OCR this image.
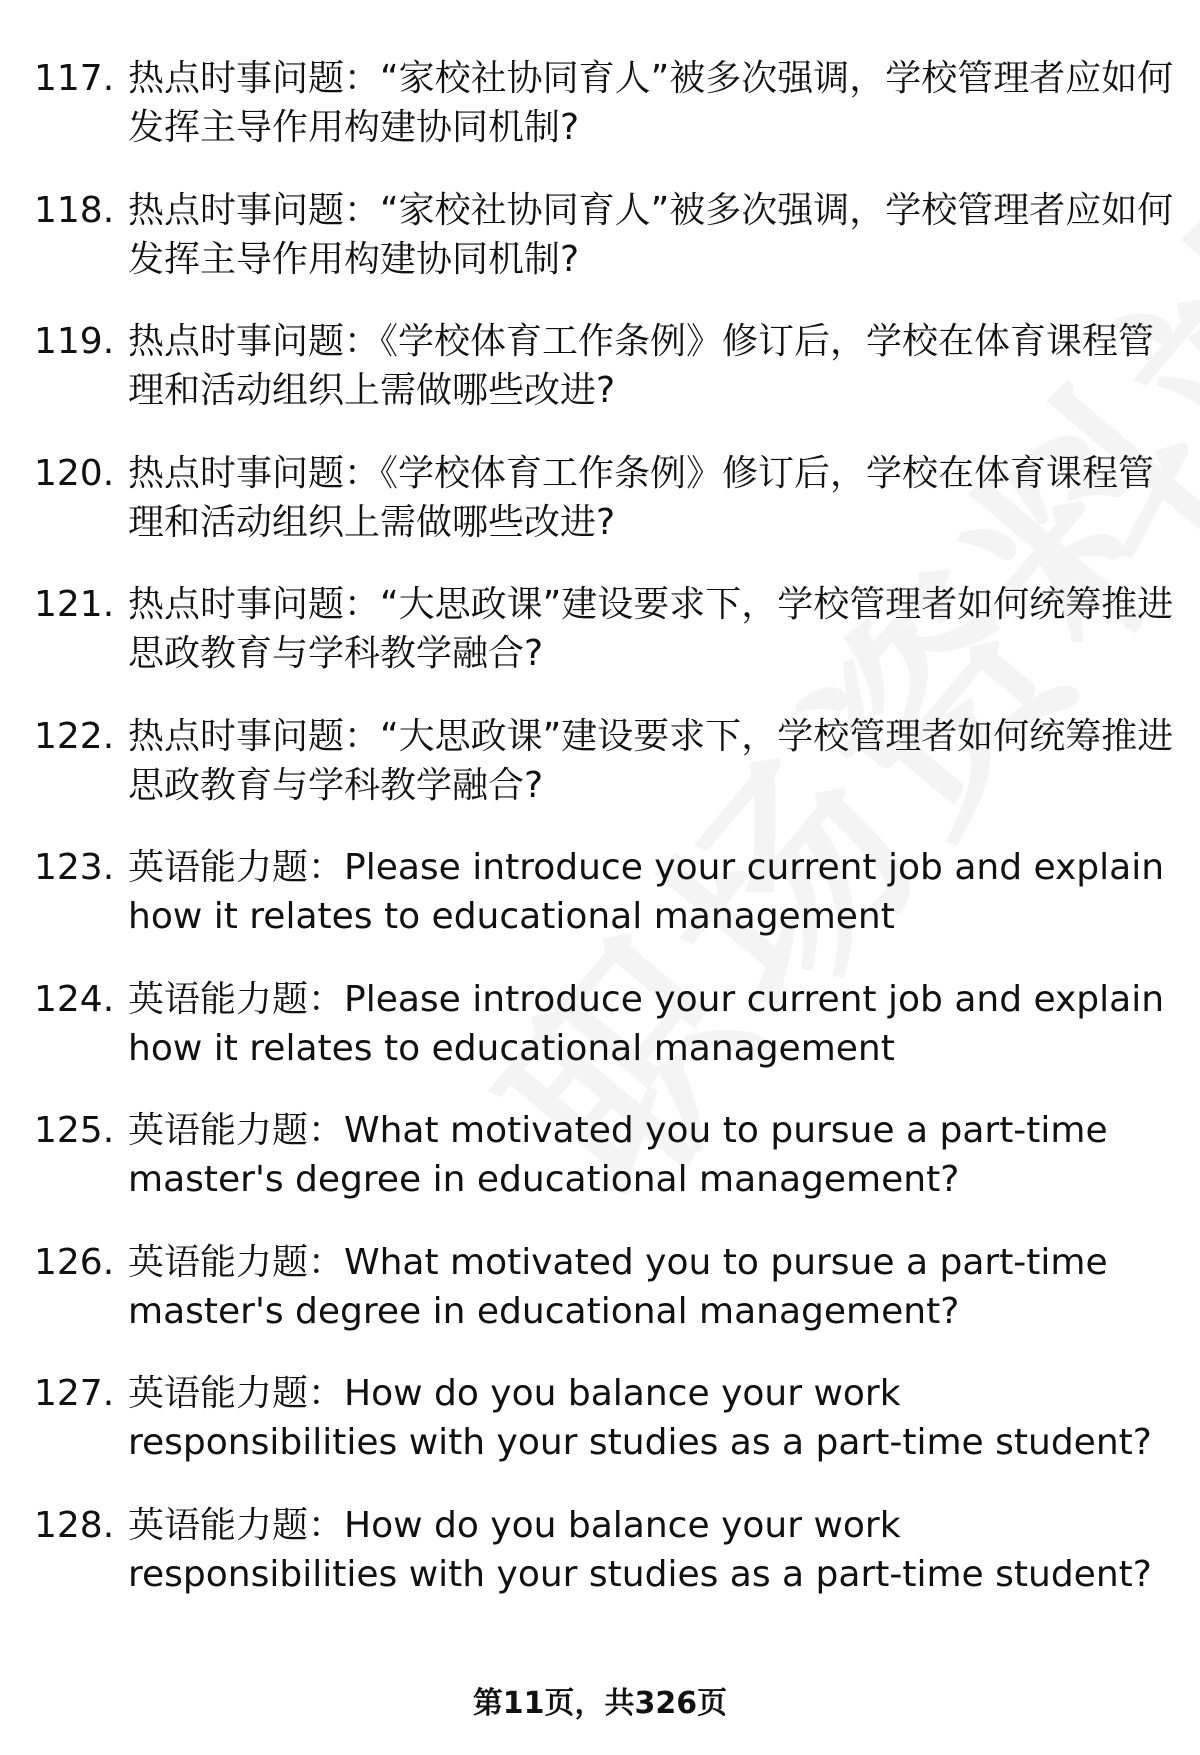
117. 热点时事问题：“家校社协同育人”被多次强调，学校管理者应如何发挥主导作用构建协同机制?
118. 热点时事问题：“家校社协同育人”被多次强调，学校管理者应如何发挥主导作用构建协同机制?
119. 热点时事问题：《学校体育工作条例》修订后，学校在体育课程管理和活动组织上需做哪些改进?
120. 热点时事问题：《学校体育工作条例》修订后，学校在体育课程管理和活动组织上需做哪些改进?
121. 热点时事问题：“大思政课”建设要求下，学校管理者如何统筹推进思政教育与学科教学融合?
122. 热点时事问题：“大思政课”建设要求下，学校管理者如何统筹推进思政教育与学科教学融合?
123. 英语能力题：Please introduce your current job and explain how it relates to educational management
124. 英语能力题：Please introduce your current job and explain how it relates to educational management
125. 英语能力题：What motivated you to pursue a part-time master's degree in educational management?
126. 英语能力题：What motivated you to pursue a part-time master's degree in educational management?
127. 英语能力题：How do you balance your work responsibilities with your studies as a part-time student?
128. 英语能力题：How do you balance your work responsibilities with your studies as a part-time student?
第11页，共326页
